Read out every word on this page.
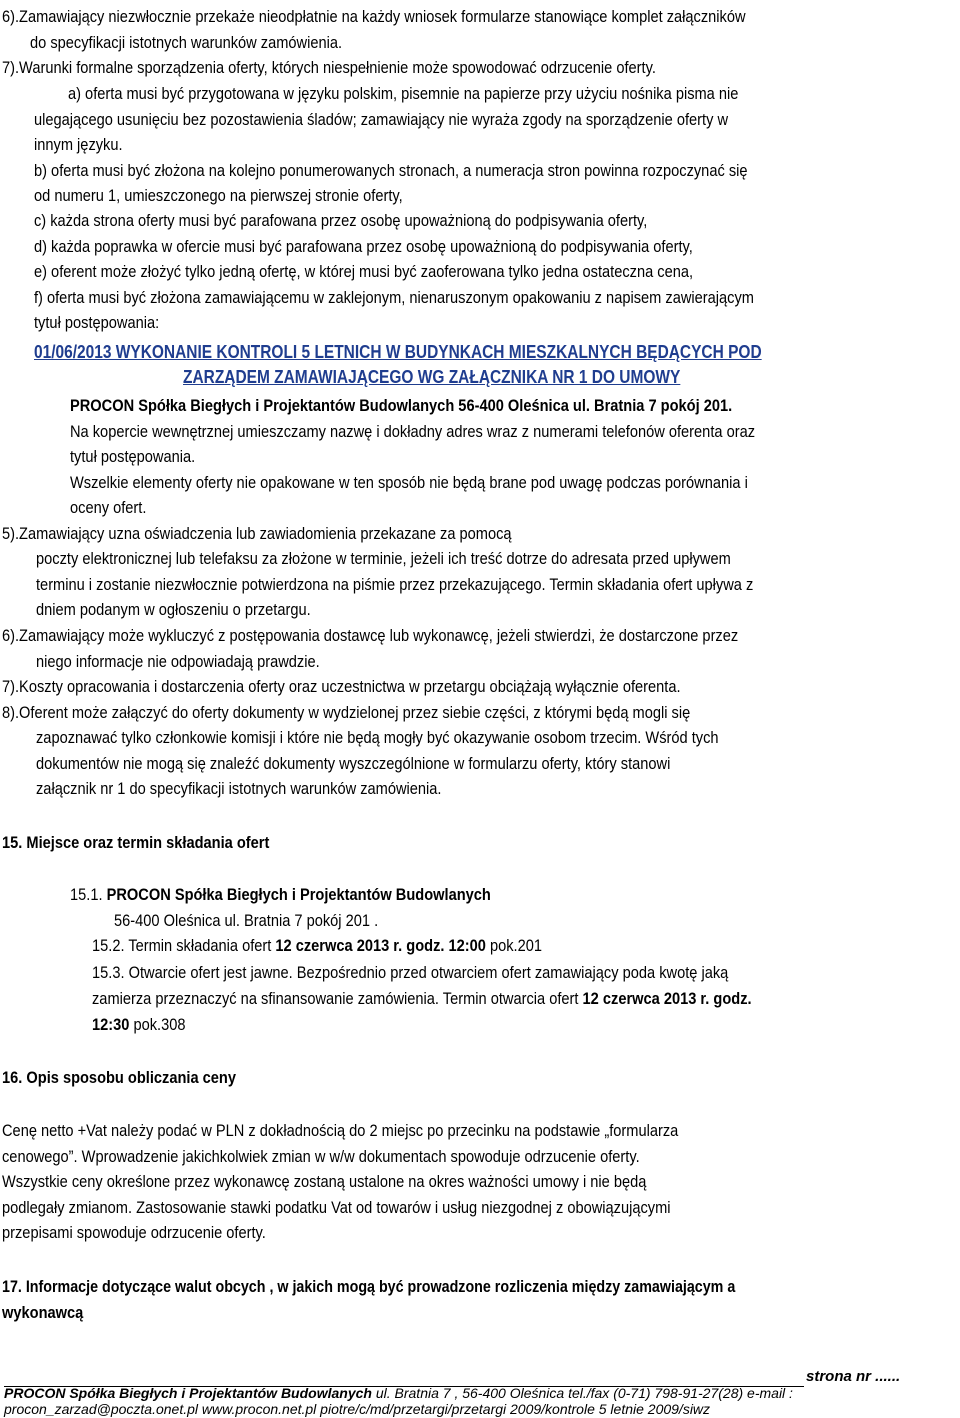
6).Zamawiający niezwłocznie przekaże nieodpłatnie na każdy wniosek formularze stanowiące komplet załączników
do specyfikacji istotnych warunków zamówienia.
7).Warunki formalne sporządzenia oferty, których niespełnienie może spowodować odrzucenie oferty.
a) oferta musi być przygotowana w języku polskim, pisemnie na papierze przy użyciu nośnika pisma nie
ulegającego usunięciu bez pozostawienia śladów; zamawiający nie wyraża zgody na sporządzenie oferty w
innym języku.
b) oferta musi być złożona na kolejno ponumerowanych stronach, a numeracja stron powinna rozpoczynać się
od numeru 1, umieszczonego na pierwszej stronie oferty,
c) każda strona oferty musi być parafowana przez osobę upoważnioną do podpisywania oferty,
d) każda poprawka w ofercie musi być parafowana przez osobę upoważnioną do podpisywania oferty,
e) oferent może złożyć tylko jedną ofertę, w której musi być zaoferowana tylko jedna ostateczna cena,
f) oferta musi być złożona zamawiającemu w zaklejonym, nienaruszonym opakowaniu z napisem zawierającym
tytuł postępowania:
01/06/2013 WYKONANIE KONTROLI 5 LETNICH W BUDYNKACH MIESZKALNYCH BĘDĄCYCH POD
ZARZĄDEM ZAMAWIAJĄCEGO WG ZAŁĄCZNIKA NR 1 DO UMOWY
PROCON Spółka Biegłych i Projektantów Budowlanych 56-400 Oleśnica ul. Bratnia 7 pokój 201.
Na kopercie wewnętrznej umieszczamy nazwę i dokładny adres wraz z numerami telefonów oferenta oraz
tytuł postępowania.
Wszelkie elementy oferty nie opakowane w ten sposób nie będą brane pod uwagę podczas porównania i
oceny ofert.
5).Zamawiający uzna oświadczenia lub zawiadomienia przekazane za pomocą
poczty elektronicznej lub telefaksu za złożone w terminie, jeżeli ich treść dotrze do adresata przed upływem
terminu i zostanie niezwłocznie potwierdzona na piśmie przez przekazującego. Termin składania ofert upływa z
dniem podanym w ogłoszeniu o przetargu.
6).Zamawiający może wykluczyć z postępowania dostawcę lub wykonawcę, jeżeli stwierdzi, że dostarczone przez
niego informacje nie odpowiadają prawdzie.
7).Koszty opracowania i dostarczenia oferty oraz uczestnictwa w przetargu obciążają wyłącznie oferenta.
8).Oferent może załączyć do oferty dokumenty w wydzielonej przez siebie części, z którymi będą mogli się
zapoznawać tylko członkowie komisji i które nie będą mogły być okazywanie osobom trzecim. Wśród tych
dokumentów nie mogą się znaleźć dokumenty wyszczególnione w formularzu oferty, który stanowi
załącznik nr 1 do specyfikacji istotnych warunków zamówienia.
15. Miejsce oraz termin składania ofert
15.1. PROCON Spółka Biegłych i Projektantów Budowlanych
56-400 Oleśnica ul. Bratnia 7 pokój 201 .
15.2. Termin składania ofert 12 czerwca 2013 r. godz. 12:00 pok.201
15.3. Otwarcie ofert jest jawne. Bezpośrednio przed otwarciem ofert zamawiający poda kwotę jaką
zamierza przeznaczyć na sfinansowanie zamówienia. Termin otwarcia ofert 12 czerwca 2013 r. godz.
12:30 pok.308
16. Opis sposobu obliczania ceny
Cenę netto +Vat należy podać w PLN z dokładnością do 2 miejsc po przecinku na podstawie „formularza
cenowego”. Wprowadzenie jakichkolwiek zmian w w/w dokumentach spowoduje odrzucenie oferty.
Wszystkie ceny określone przez wykonawcę zostaną ustalone na okres ważności umowy i nie będą
podlegały zmianom. Zastosowanie stawki podatku Vat od towarów i usług niezgodnej z obowiązującymi
przepisami spowoduje odrzucenie oferty.
17. Informacje dotyczące walut obcych , w jakich mogą być prowadzone rozliczenia między zamawiającym a
wykonawcą
strona nr ......
PROCON Spółka Biegłych i Projektantów Budowlanych ul. Bratnia 7 , 56-400 Oleśnica tel./fax (0-71) 798-91-27(28) e-mail :
procon_zarzad@poczta.onet.pl www.procon.net.pl piotre/c/md/przetargi/przetargi 2009/kontrole 5 letnie 2009/siwz
